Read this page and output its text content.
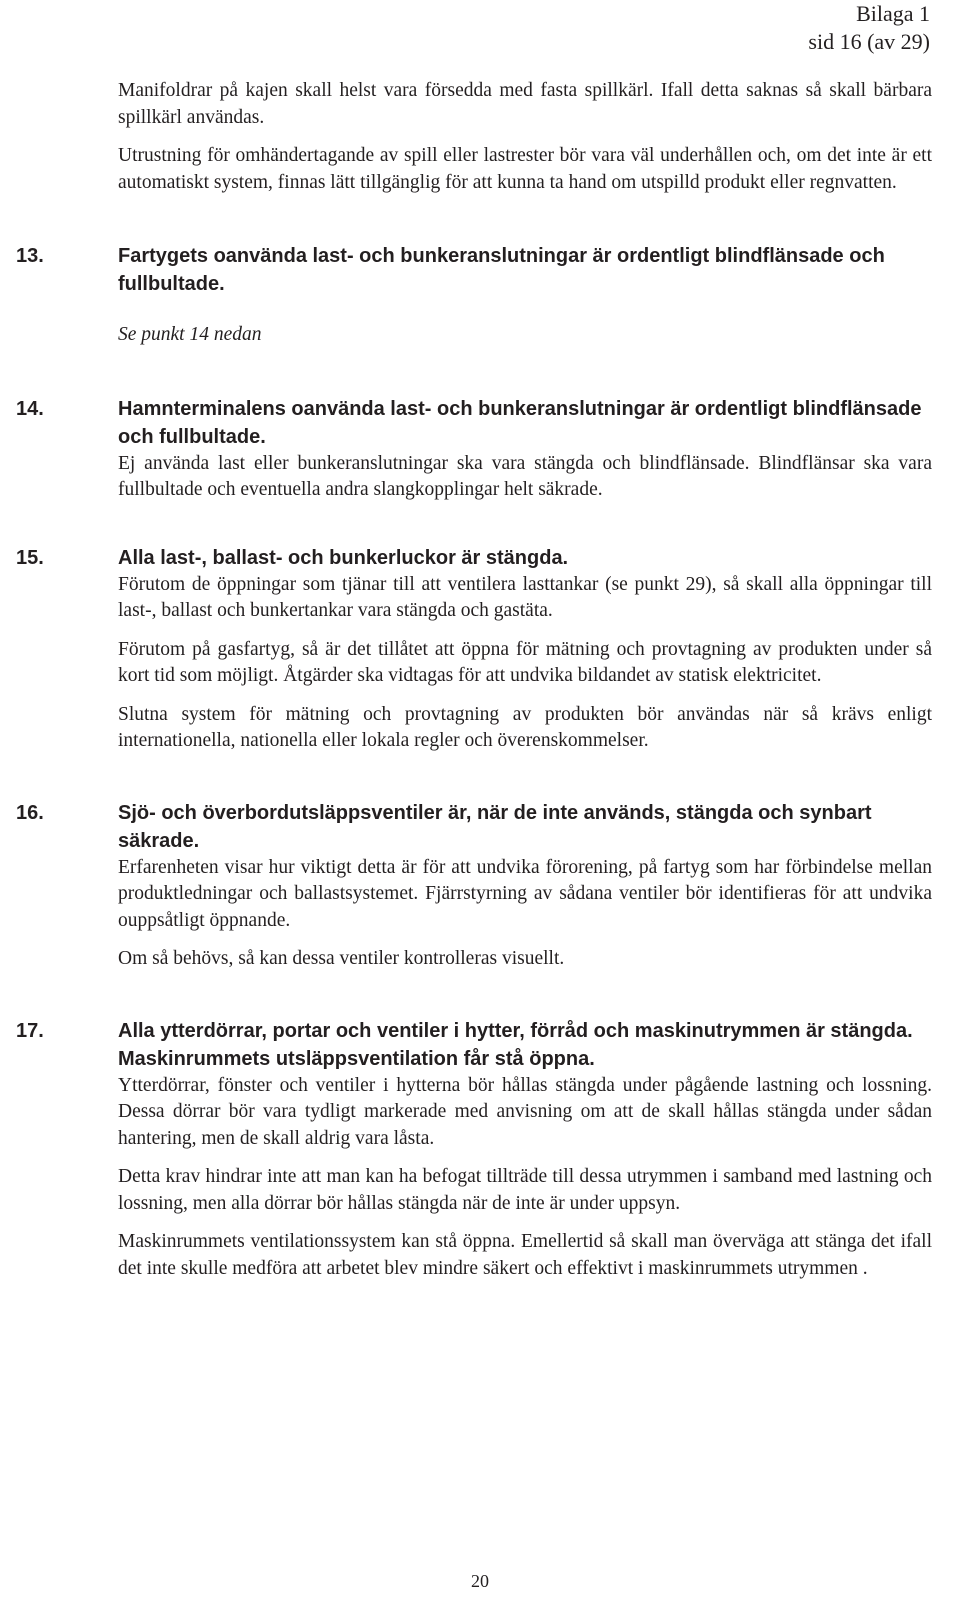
Bilaga 1
sid 16 (av 29)

Manifoldrar på kajen skall helst vara försedda med fasta spillkärl. Ifall detta saknas så skall bärbara spillkärl användas.

Utrustning för omhändertagande av spill eller lastrester bör vara väl underhållen och, om det inte är ett automatiskt system, finnas lätt tillgänglig för att kunna ta hand om utspilld produkt eller regnvatten.

13.	Fartygets oanvända last- och bunkeranslutningar är ordentligt blindflänsade och fullbultade.

Se punkt 14 nedan

14.	Hamnterminalens oanvända last- och bunkeranslutningar är ordentligt blindflänsade och fullbultade.

Ej använda last eller bunkeranslutningar ska vara stängda och blindflänsade. Blindflänsar ska vara fullbultade och eventuella andra slangkopplingar helt säkrade.

15.	Alla last-, ballast- och bunkerluckor är stängda.

Förutom de öppningar som tjänar till att ventilera lasttankar (se punkt 29), så skall alla öppningar till last-, ballast och bunkertankar vara stängda och gastäta.

Förutom på gasfartyg, så är det tillåtet att öppna för mätning och provtagning av produkten under så kort tid som möjligt. Åtgärder ska vidtagas för att undvika bildandet av statisk elektricitet.

Slutna system för mätning och provtagning av produkten bör användas när så krävs enligt internationella, nationella eller lokala regler och överenskommelser.

16.	Sjö- och överbordutsläppsventiler är, när de inte används, stängda och synbart säkrade.

Erfarenheten visar hur viktigt detta är för att undvika förorening, på fartyg som har förbindelse mellan produktledningar och ballastsystemet. Fjärrstyrning av sådana ventiler bör identifieras för att undvika ouppsåtligt öppnande.

Om så behövs, så kan dessa ventiler kontrolleras visuellt.

17.	Alla ytterdörrar, portar och ventiler i hytter, förråd och maskinutrymmen är stängda. Maskinrummets utsläppsventilation får stå öppna.

Ytterdörrar, fönster och ventiler i hytterna bör hållas stängda under pågående lastning och lossning. Dessa dörrar bör vara tydligt markerade med anvisning om att de skall hållas stängda under sådan hantering, men de skall aldrig vara låsta.

Detta krav hindrar inte att man kan ha befogat tillträde till dessa utrymmen i samband med lastning och lossning, men alla dörrar bör hållas stängda när de inte är under uppsyn.

Maskinrummets ventilationssystem kan stå öppna. Emellertid så skall man överväga att stänga det ifall det inte skulle medföra att arbetet blev mindre säkert och effektivt i maskinrummets utrymmen .

20
